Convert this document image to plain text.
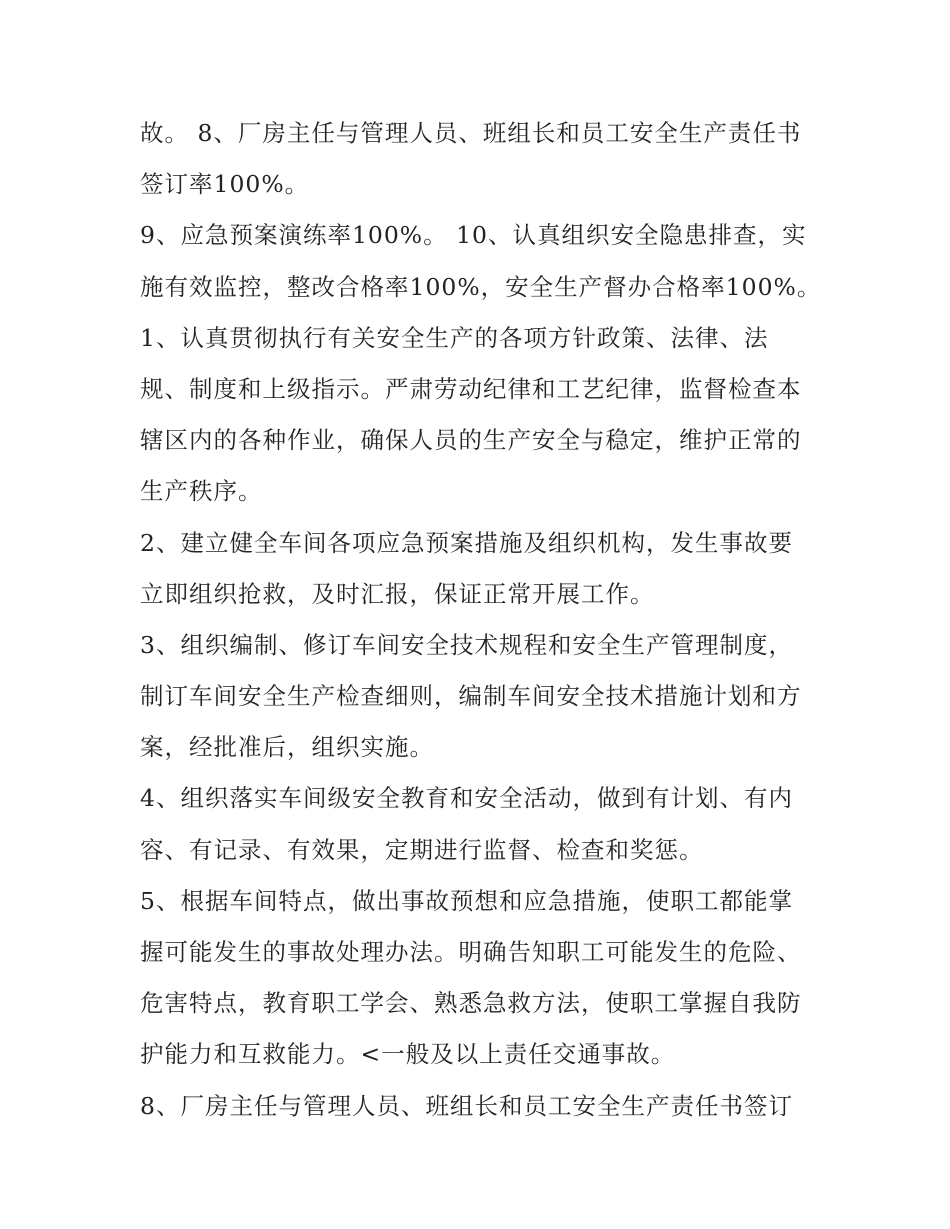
故。 8、厂房主任与管理人员、班组长和员工安全生产责任书
签订率100%。
9、应急预案演练率100%。 10、认真组织安全隐患排查，实
施有效监控，整改合格率100%，安全生产督办合格率100%。
1、认真贯彻执行有关安全生产的各项方针政策、法律、法
规、制度和上级指示。严肃劳动纪律和工艺纪律，监督检查本
辖区内的各种作业，确保人员的生产安全与稳定，维护正常的
生产秩序。
2、建立健全车间各项应急预案措施及组织机构，发生事故要
立即组织抢救，及时汇报，保证正常开展工作。
3、组织编制、修订车间安全技术规程和安全生产管理制度，
制订车间安全生产检查细则，编制车间安全技术措施计划和方
案，经批准后，组织实施。
4、组织落实车间级安全教育和安全活动，做到有计划、有内
容、有记录、有效果，定期进行监督、检查和奖惩。
5、根据车间特点，做出事故预想和应急措施，使职工都能掌
握可能发生的事故处理办法。明确告知职工可能发生的危险、
危害特点，教育职工学会、熟悉急救方法，使职工掌握自我防
护能力和互救能力。<一般及以上责任交通事故。
8、厂房主任与管理人员、班组长和员工安全生产责任书签订
